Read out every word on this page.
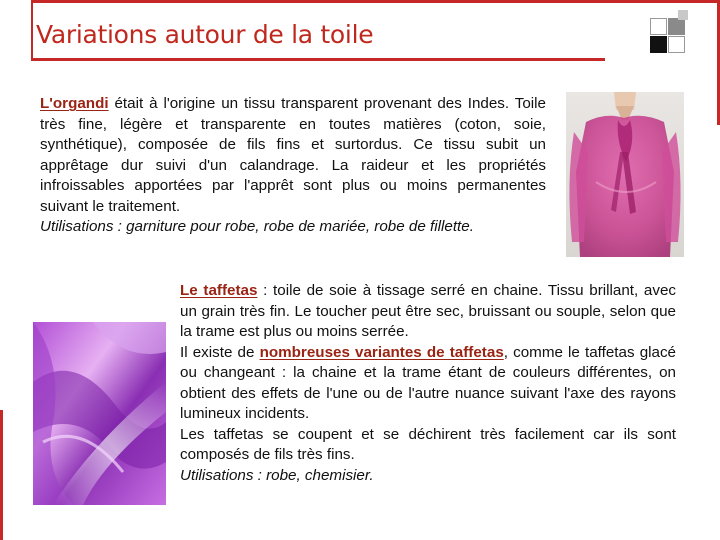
Variations autour de la toile

L'organdi était à l'origine un tissu transparent provenant des Indes. Toile très fine, légère et transparente en toutes matières (coton, soie, synthétique), composée de fils fins et surtordus. Ce tissu subit un apprêtage dur suivi d'un calandrage. La raideur et les propriétés infroissables apportées par l'apprêt sont plus ou moins permanentes suivant le traitement.

Utilisations : garniture pour robe, robe de mariée, robe de fillette.

Le taffetas : toile de soie à tissage serré en chaine. Tissu brillant, avec un grain très fin. Le toucher peut être sec, bruissant ou souple, selon que la trame est plus ou moins serrée.

Il existe de nombreuses variantes de taffetas, comme le taffetas glacé ou changeant : la chaine et la trame étant de couleurs différentes, on obtient des effets de l'une ou de l'autre nuance suivant l'axe des rayons lumineux incidents.

Les taffetas se coupent et se déchirent très facilement car ils sont composés de fils très fins.

Utilisations : robe, chemisier.
